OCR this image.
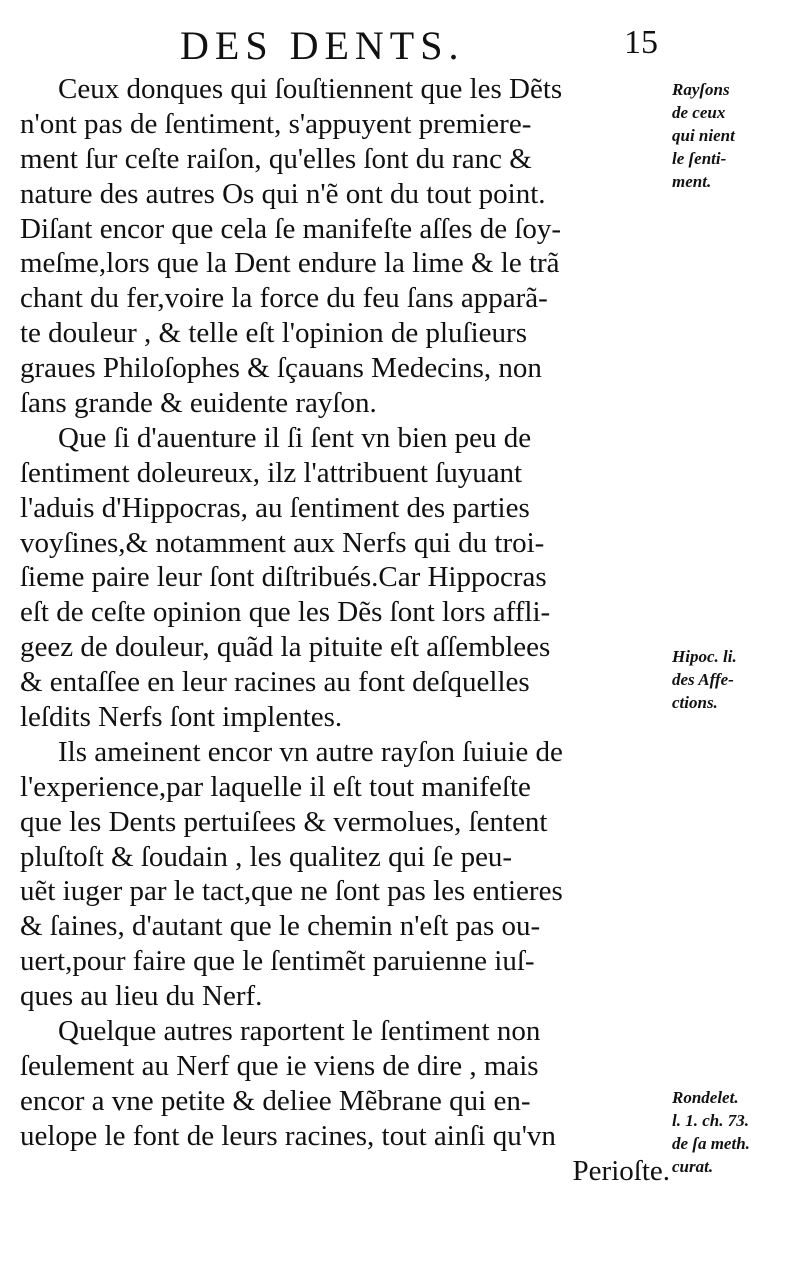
DES DENTS.	15
Ceux donques qui ſouſtiennent que les Dẽts
n'ont pas de ſentiment, s'appuyent premiere-
ment ſur ceſte raiſon, qu'elles ſont du ranc &
nature des autres Os qui n'ẽ ont du tout point.
Diſant encor que cela ſe manifeſte aſſes de ſoy-
meſme,lors que la Dent endure la lime & le trã
chant du fer,voire la force du feu ſans apparã-
te douleur , & telle eſt l'opinion de pluſieurs
graues Philoſophes & ſçauans Medecins, non
ſans grande & euidente rayſon.
Que ſi d'auenture il ſi ſent vn bien peu de
ſentiment doleureux, ilz l'attribuent ſuyuant
l'aduis d'Hippocras, au ſentiment des parties
voyſines,& notamment aux Nerfs qui du troi-
ſieme paire leur ſont diſtribués.Car Hippocras
eſt de ceſte opinion que les Dẽs ſont lors affli-
geez de douleur, quãd la pituite eſt aſſemblees
& entaſſee en leur racines au font deſquelles
leſdits Nerfs ſont implentes.
Ils ameinent encor vn autre rayſon ſuiuie de
l'experience,par laquelle il eſt tout manifeſte
que les Dents pertuiſees & vermolues, ſentent
pluſtoſt & ſoudain , les qualitez qui ſe peu-
uẽt iuger par le tact,que ne ſont pas les entieres
& ſaines, d'autant que le chemin n'eſt pas ou-
uert,pour faire que le ſentimẽt paruienne iuſ-
ques au lieu du Nerf.
Quelque autres raportent le ſentiment non
ſeulement au Nerf que ie viens de dire , mais
encor a vne petite & deliee Mẽbrane qui en-
uelope le font de leurs racines, tout ainſi qu'vn
Perioſte.
Rayſons
de ceux
qui nient
le ſenti-
ment.
Hipoc. li.
des Affe-
ctions.
Rondelet.
l. 1. ch. 73.
de ſa meth.
curat.
